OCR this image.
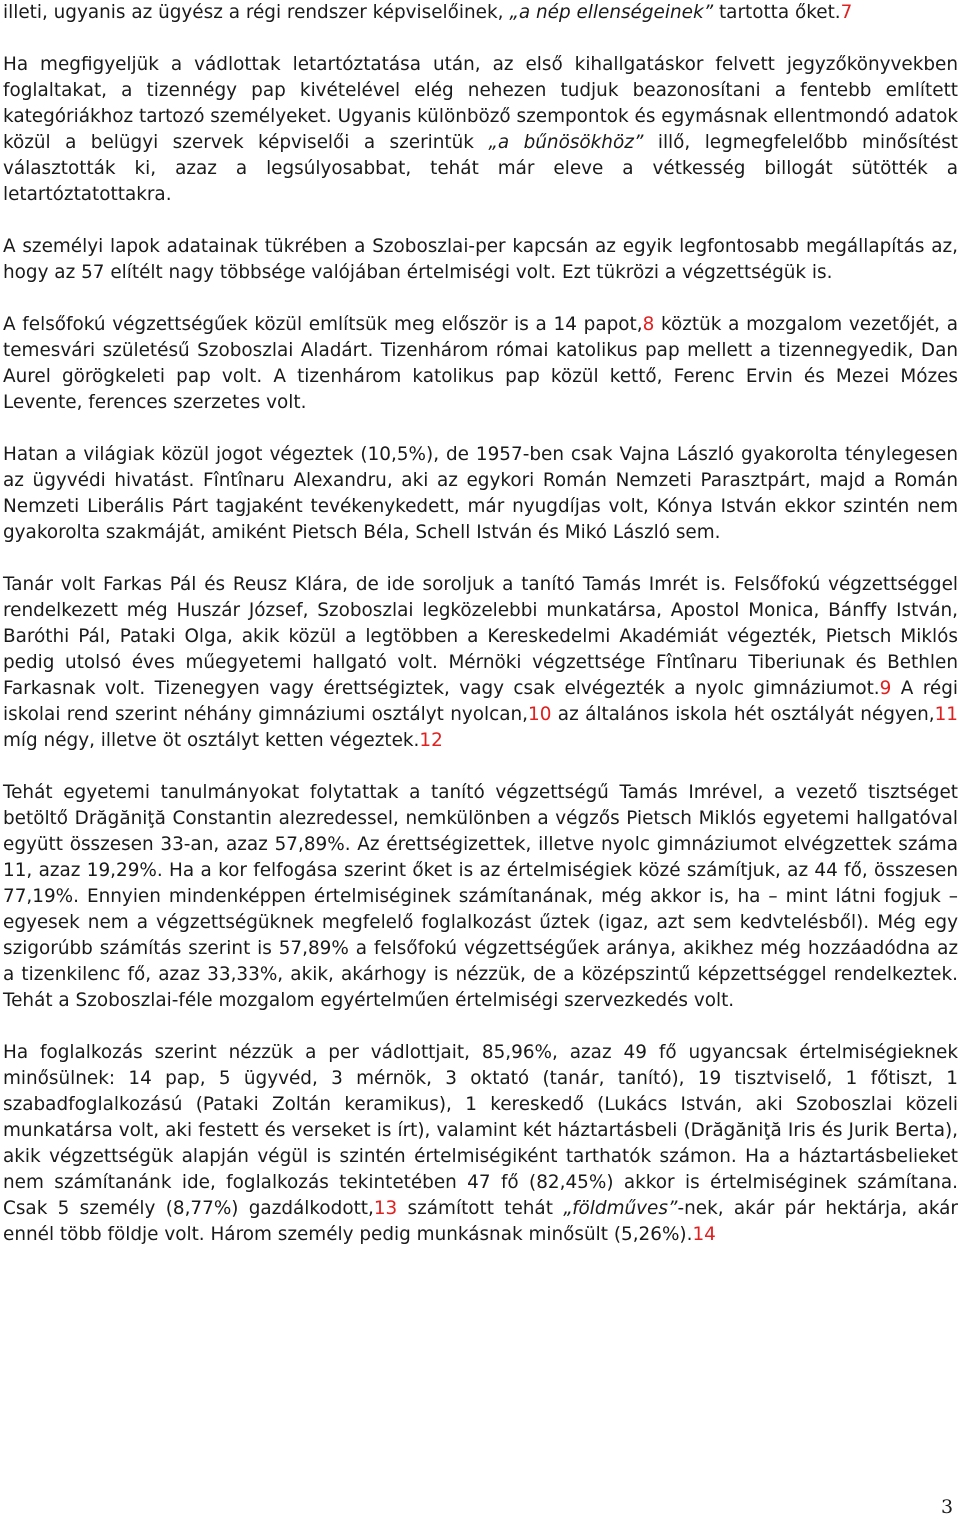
illeti, ugyanis az ügyész a régi rendszer képviselőinek, „a nép ellenségeinek” tartotta őket.7

Ha megfigyeljük a vádlottak letartóztatása után, az első kihallgatáskor felvett jegyzőkönyvekben foglaltakat, a tizennégy pap kivételével elég nehezen tudjuk beazonosítani a fentebb említett kategóriákhoz tartozó személyeket. Ugyanis különböző szempontok és egymásnak ellentmondó adatok közül a belügyi szervek képviselői a szerintük „a bűnösökhöz” illő, legmegfelelőbb minősítést választották ki, azaz a legsúlyosabbat, tehát már eleve a vétkesség billogát sütötték a letartóztatottakra.

A személyi lapok adatainak tükrében a Szoboszlai-per kapcsán az egyik legfontosabb megállapítás az, hogy az 57 elítélt nagy többsége valójában értelmiségi volt. Ezt tükrözi a végzettségük is.

A felsőfokú végzettségűek közül említsük meg először is a 14 papot,8 köztük a mozgalom vezetőjét, a temesvári születésű Szoboszlai Aladárt. Tizenhárom római katolikus pap mellett a tizennegyedik, Dan Aurel görögkeleti pap volt. A tizenhárom katolikus pap közül kettő, Ferenc Ervin és Mezei Mózes Levente, ferences szerzetes volt.

Hatan a világiak közül jogot végeztek (10,5%), de 1957-ben csak Vajna László gyakorolta ténylegesen az ügyvédi hivatást. Fîntînaru Alexandru, aki az egykori Román Nemzeti Parasztpárt, majd a Román Nemzeti Liberális Párt tagjaként tevékenykedett, már nyugdíjas volt, Kónya István ekkor szintén nem gyakorolta szakmáját, amiként Pietsch Béla, Schell István és Mikó László sem.

Tanár volt Farkas Pál és Reusz Klára, de ide soroljuk a tanító Tamás Imrét is. Felsőfokú végzettséggel rendelkezett még Huszár József, Szoboszlai legközelebbi munkatársa, Apostol Monica, Bánffy István, Baróthi Pál, Pataki Olga, akik közül a legtöbben a Kereskedelmi Akadémiát végezték, Pietsch Miklós pedig utolsó éves műegyetemi hallgató volt. Mérnöki végzettsége Fîntînaru Tiberiunak és Bethlen Farkasnak volt. Tizenegyen vagy érettségiztek, vagy csak elvégezték a nyolc gimnáziumot.9 A régi iskolai rend szerint néhány gimnáziumi osztályt nyolcan,10 az általános iskola hét osztályát négyen,11 míg négy, illetve öt osztályt ketten végeztek.12

Tehát egyetemi tanulmányokat folytattak a tanító végzettségű Tamás Imrével, a vezető tisztséget betöltő Drăgăniţă Constantin alezredessel, nemkülönben a végzős Pietsch Miklós egyetemi hallgatóval együtt összesen 33-an, azaz 57,89%. Az érettségizettek, illetve nyolc gimnáziumot elvégzettek száma 11, azaz 19,29%. Ha a kor felfogása szerint őket is az értelmiségiek közé számítjuk, az 44 fő, összesen 77,19%. Ennyien mindenképpen értelmiséginek számítanának, még akkor is, ha – mint látni fogjuk – egyesek nem a végzettségüknek megfelelő foglalkozást űztek (igaz, azt sem kedvtelésből). Még egy szigorúbb számítás szerint is 57,89% a felsőfokú végzettségűek aránya, akikhez még hozzáadódna az a tizenkilenc fő, azaz 33,33%, akik, akárhogy is nézzük, de a középszintű képzettséggel rendelkeztek. Tehát a Szoboszlai-féle mozgalom egyértelműen értelmiségi szervezkedés volt.

Ha foglalkozás szerint nézzük a per vádlottjait, 85,96%, azaz 49 fő ugyancsak értelmiségieknek minősülnek: 14 pap, 5 ügyvéd, 3 mérnök, 3 oktató (tanár, tanító), 19 tisztviselő, 1 főtiszt, 1 szabadfoglalkozású (Pataki Zoltán keramikus), 1 kereskedő (Lukács István, aki Szoboszlai közeli munkatársa volt, aki festett és verseket is írt), valamint két háztartásbeli (Drăgăniţă Iris és Jurik Berta), akik végzettségük alapján végül is szintén értelmiségiként tarthatók számon. Ha a háztartásbelieket nem számítanánk ide, foglalkozás tekintetében 47 fő (82,45%) akkor is értelmiséginek számítana. Csak 5 személy (8,77%) gazdálkodott,13 számított tehát „földműves”-nek, akár pár hektárja, akár ennél több földje volt. Három személy pedig munkásnak minősült (5,26%).14

3
